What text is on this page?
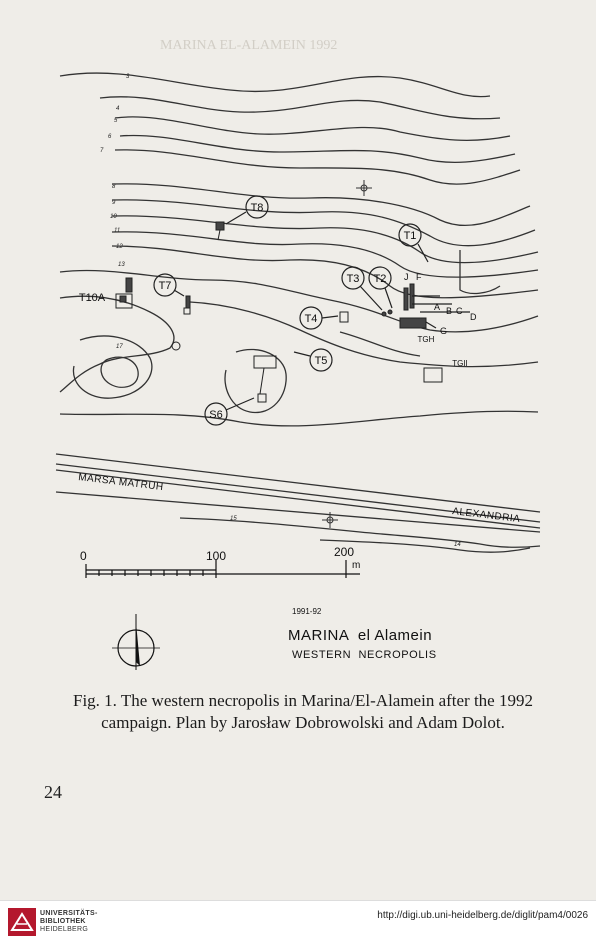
MARINA EL-ALAMEIN 1992
T8
T1
T3 T2
T7
T10A
T4
T5
S6
TGH
TGII
J F
A B C
D
G
3
4
5
6
7
8
9
10
11
12
13
17
15
14
MARSA MATRUH
ALEXANDRIA
0	100	200
m
1991-92
MARINA  el Alamein
WESTERN  NECROPOLIS
Fig. 1. The western necropolis in Marina/El-Alamein after the 1992
campaign. Plan by Jarosław Dobrowolski and Adam Dolot.
24
UNIVERSITÄTS-
BIBLIOTHEK
HEIDELBERG
http://digi.ub.uni-heidelberg.de/diglit/pam4/0026
